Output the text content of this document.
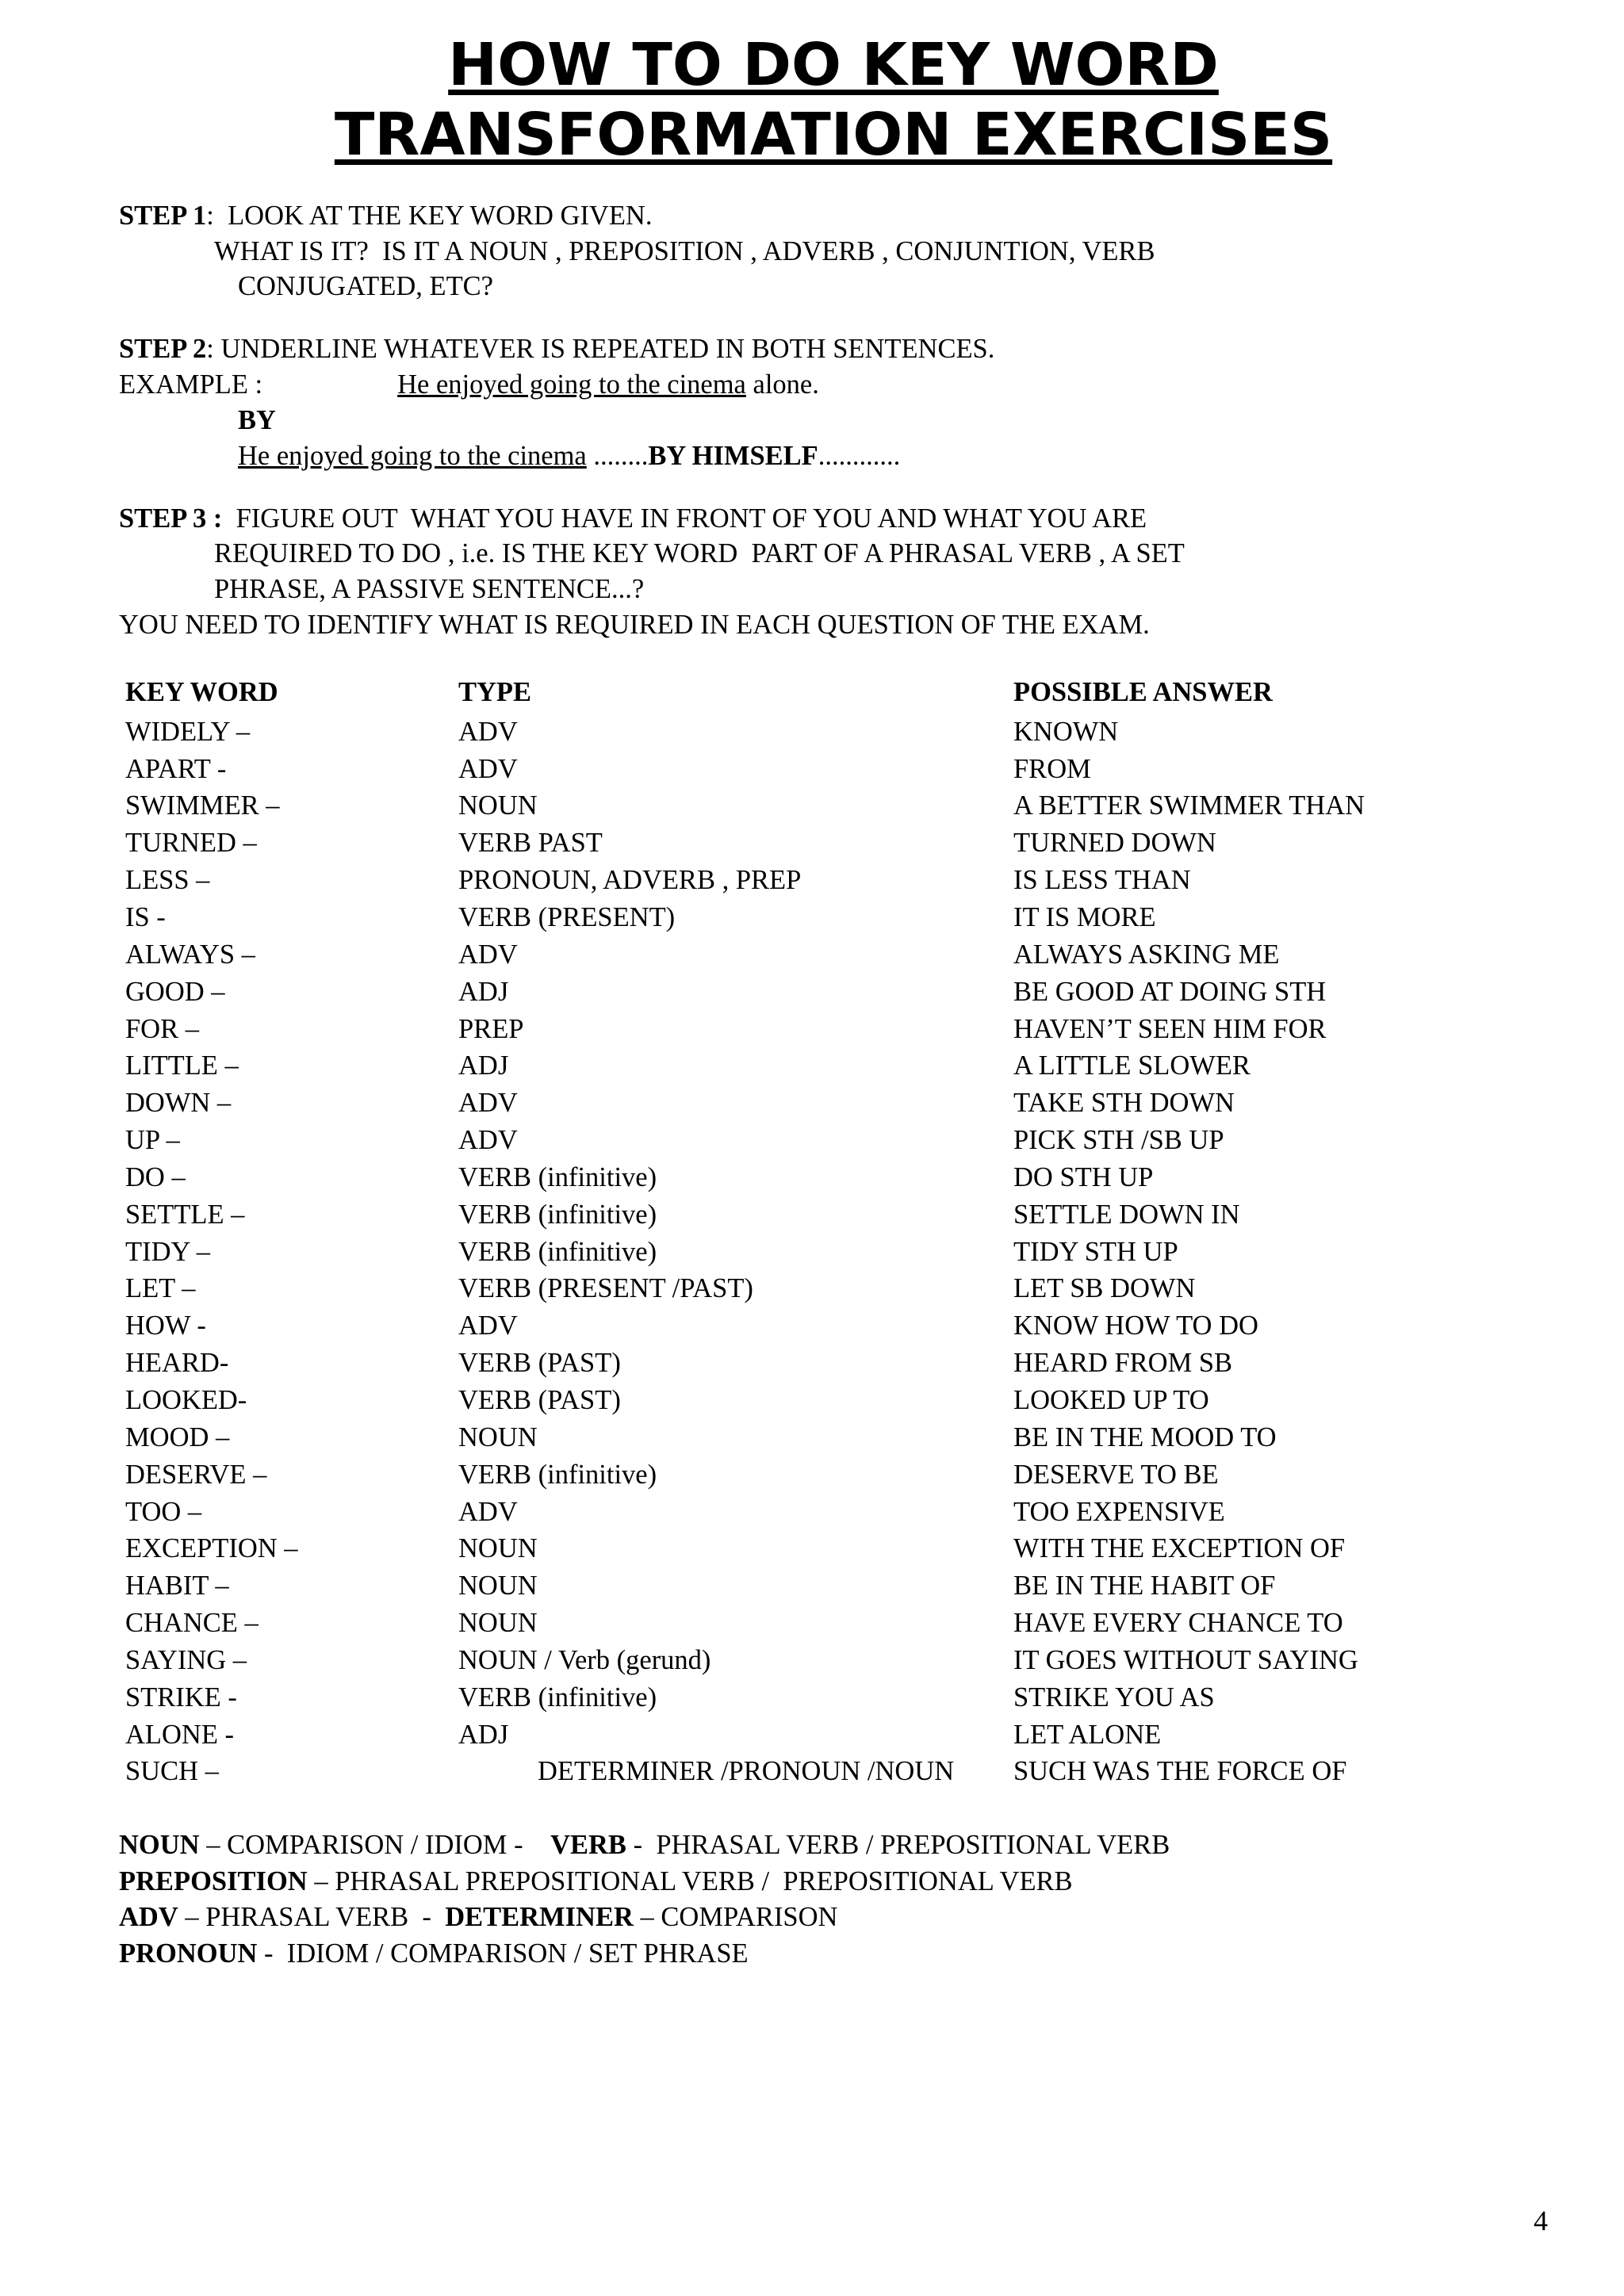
HOW TO DO KEY WORD
TRANSFORMATION EXERCISES
STEP 1: LOOK AT THE KEY WORD GIVEN.
WHAT IS IT?  IS IT A NOUN , PREPOSITION , ADVERB , CONJUNTION, VERB
CONJUGATED, ETC?
STEP 2: UNDERLINE WHATEVER IS REPEATED IN BOTH SENTENCES.
EXAMPLE :	He enjoyed going to the cinema alone.
BY
He enjoyed going to the cinema ........BY HIMSELF............
STEP 3 : FIGURE OUT  WHAT YOU HAVE IN FRONT OF YOU AND WHAT YOU ARE
REQUIRED TO DO , i.e. IS THE KEY WORD  PART OF A PHRASAL VERB , A SET
PHRASE, A PASSIVE SENTENCE...?
YOU NEED TO IDENTIFY WHAT IS REQUIRED IN EACH QUESTION OF THE EXAM.
KEY WORD	TYPE	POSSIBLE ANSWER
WIDELY –	ADV	KNOWN
APART -	ADV	FROM
SWIMMER –	NOUN	A BETTER SWIMMER THAN
TURNED –	VERB PAST	TURNED DOWN
LESS –	PRONOUN, ADVERB , PREP	IS LESS THAN
IS -	VERB (PRESENT)	IT IS MORE
ALWAYS –	ADV	ALWAYS ASKING ME
GOOD –	ADJ	BE GOOD AT DOING STH
FOR –	PREP	HAVEN’T SEEN HIM FOR
LITTLE –	ADJ	A LITTLE SLOWER
DOWN –	ADV	TAKE STH DOWN
UP –	ADV	PICK STH /SB UP
DO –	VERB (infinitive)	DO STH UP
SETTLE –	VERB (infinitive)	SETTLE DOWN IN
TIDY –	VERB (infinitive)	TIDY STH UP
LET –	VERB (PRESENT /PAST)	LET SB DOWN
HOW -	ADV	KNOW HOW TO DO
HEARD-	VERB (PAST)	HEARD FROM SB
LOOKED-	VERB (PAST)	LOOKED UP TO
MOOD –	NOUN	BE IN THE MOOD TO
DESERVE –	VERB (infinitive)	DESERVE TO BE
TOO –	ADV	TOO EXPENSIVE
EXCEPTION –	NOUN	WITH THE EXCEPTION OF
HABIT –	NOUN	BE IN THE HABIT OF
CHANCE –	NOUN	HAVE EVERY CHANCE TO
SAYING –	NOUN / Verb (gerund)	IT GOES WITHOUT SAYING
STRIKE -	VERB (infinitive)	STRIKE YOU AS
ALONE -	ADJ	LET ALONE
SUCH –	DETERMINER /PRONOUN /NOUN	SUCH WAS THE FORCE OF
NOUN – COMPARISON / IDIOM -    VERB -  PHRASAL VERB / PREPOSITIONAL VERB
PREPOSITION – PHRASAL PREPOSITIONAL VERB /  PREPOSITIONAL VERB
ADV – PHRASAL VERB  -  DETERMINER – COMPARISON
PRONOUN -  IDIOM / COMPARISON / SET PHRASE
4
